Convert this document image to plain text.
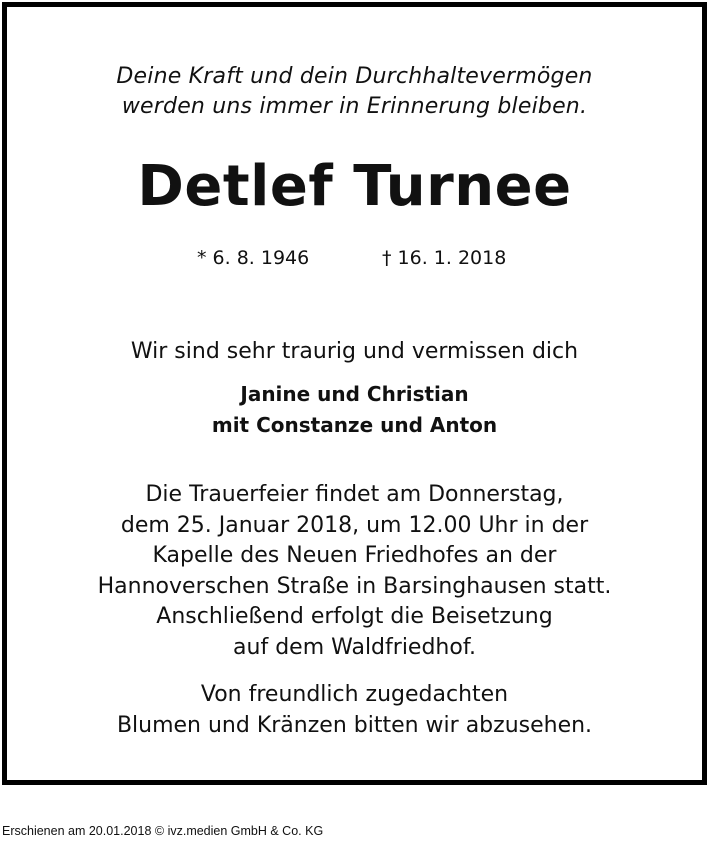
Deine Kraft und dein Durchhaltevermögen
werden uns immer in Erinnerung bleiben.
Detlef Turnee
* 6. 8. 1946	† 16. 1. 2018
Wir sind sehr traurig und vermissen dich
Janine und Christian
mit Constanze und Anton
Die Trauerfeier findet am Donnerstag,
dem 25. Januar 2018, um 12.00 Uhr in der
Kapelle des Neuen Friedhofes an der
Hannoverschen Straße in Barsinghausen statt.
Anschließend erfolgt die Beisetzung
auf dem Waldfriedhof.
Von freundlich zugedachten
Blumen und Kränzen bitten wir abzusehen.
Erschienen am 20.01.2018 © ivz.medien GmbH & Co. KG
